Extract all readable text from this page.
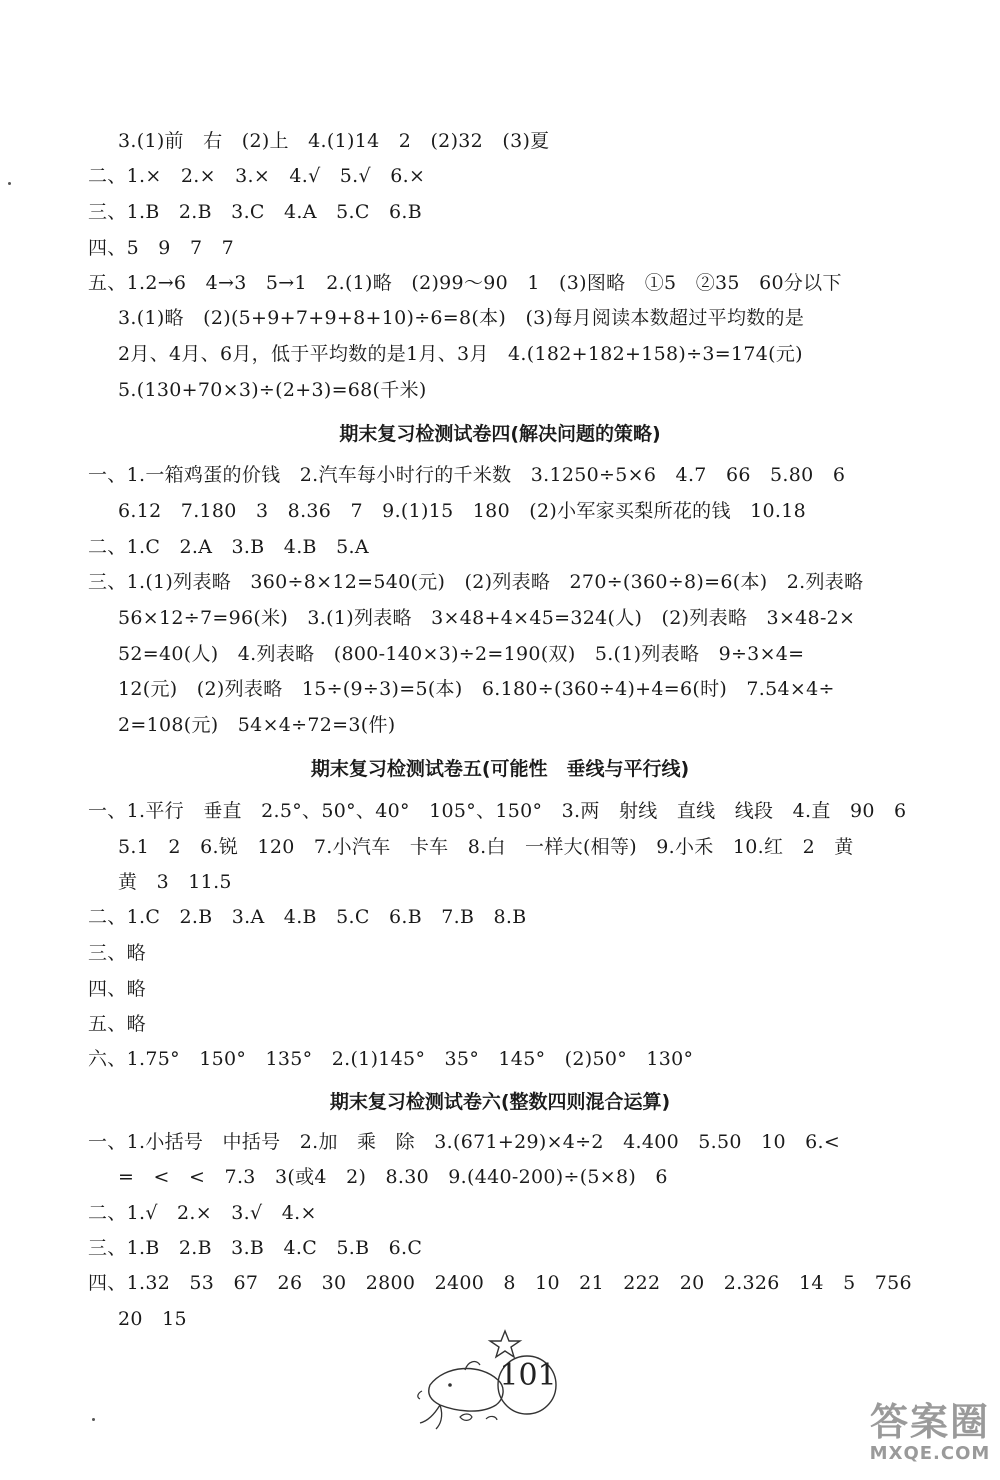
3.(1)前　右　(2)上　4.(1)14　2　(2)32　(3)夏
二、1.×　2.×　3.×　4.√　5.√　6.×
三、1.B　2.B　3.C　4.A　5.C　6.B
四、5　9　7　7
五、1.2→6　4→3　5→1　2.(1)略　(2)99～90　1　(3)图略　①5　②35　60分以下
3.(1)略　(2)(5+9+7+9+8+10)÷6=8(本)　(3)每月阅读本数超过平均数的是
2月、4月、6月，低于平均数的是1月、3月　4.(182+182+158)÷3=174(元)
5.(130+70×3)÷(2+3)=68(千米)
期末复习检测试卷四(解决问题的策略)
一、1.一箱鸡蛋的价钱　2.汽车每小时行的千米数　3.1250÷5×6　4.7　66　5.80　6
6.12　7.180　3　8.36　7　9.(1)15　180　(2)小军家买梨所花的钱　10.18
二、1.C　2.A　3.B　4.B　5.A
三、1.(1)列表略　360÷8×12=540(元)　(2)列表略　270÷(360÷8)=6(本)　2.列表略
56×12÷7=96(米)　3.(1)列表略　3×48+4×45=324(人)　(2)列表略　3×48-2×
52=40(人)　4.列表略　(800-140×3)÷2=190(双)　5.(1)列表略　9÷3×4=
12(元)　(2)列表略　15÷(9÷3)=5(本)　6.180÷(360÷4)+4=6(时)　7.54×4÷
2=108(元)　54×4÷72=3(件)
期末复习检测试卷五(可能性　垂线与平行线)
一、1.平行　垂直　2.5°、50°、40°　105°、150°　3.两　射线　直线　线段　4.直　90　6
5.1　2　6.锐　120　7.小汽车　卡车　8.白　一样大(相等)　9.小禾　10.红　2　黄
黄　3　11.5
二、1.C　2.B　3.A　4.B　5.C　6.B　7.B　8.B
三、略
四、略
五、略
六、1.75°　150°　135°　2.(1)145°　35°　145°　(2)50°　130°
期末复习检测试卷六(整数四则混合运算)
一、1.小括号　中括号　2.加　乘　除　3.(671+29)×4÷2　4.400　5.50　10　6.<
=　<　<　7.3　3(或4　2)　8.30　9.(440-200)÷(5×8)　6
二、1.√　2.×　3.√　4.×
三、1.B　2.B　3.B　4.C　5.B　6.C
四、1.32　53　67　26　30　2800　2400　8　10　21　222　20　2.326　14　5　756
20　15
101
答案圈
MXQE.COM
